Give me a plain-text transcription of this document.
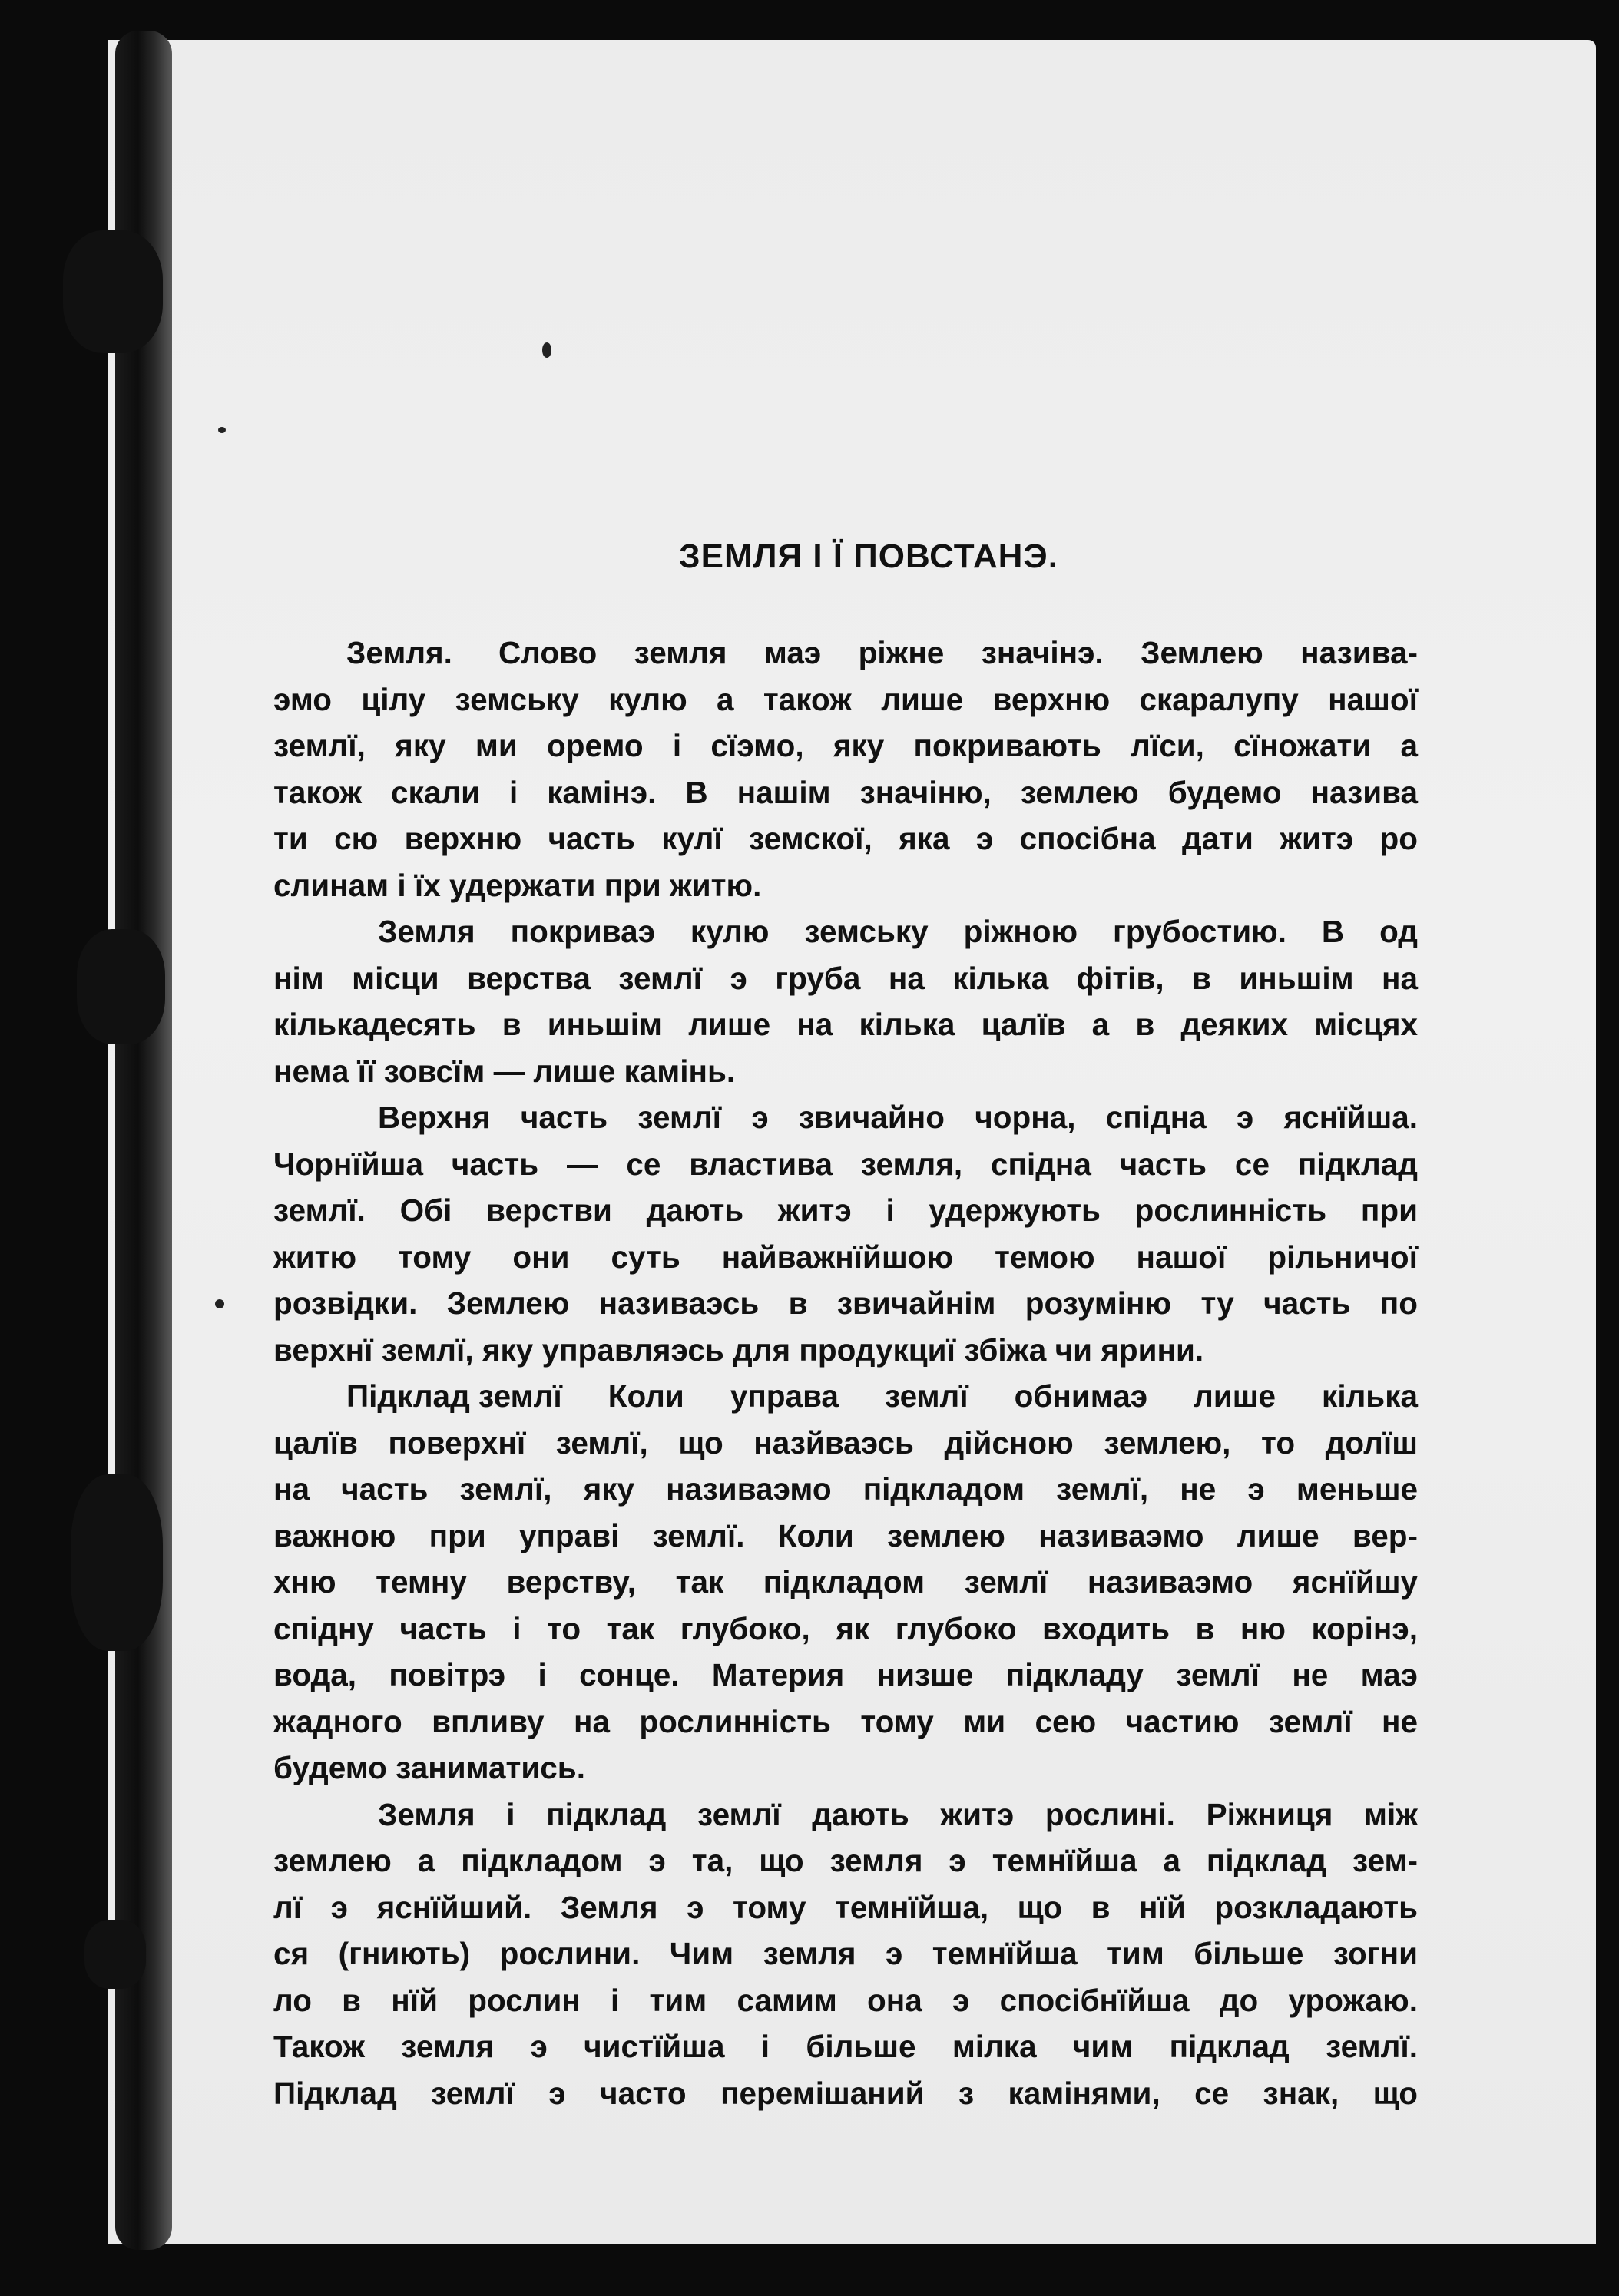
ЗЕМЛЯ І Ї ПОВСТАНЭ.

Земля. Слово земля маэ ріжне значінэ. Землею назива-
эмо цілу земську кулю а також лише верхню скаралупу нашої
землї, яку ми оремо і сїэмо, яку покривають лїси, сїножати а
також скали і камінэ. В нашім значіню, землею будемо назива
ти сю верхню часть кулї земскої, яка э спосібна дати житэ ро
слинам і їх удержати при житю.

Земля покриваэ кулю земську ріжною грубостию. В од
нім місци верства землї э груба на кілька фітів, в иньшім на
кількадесять в иньшім лише на кілька цалїв а в деяких місцях
нема її зовсїм — лише камінь.

Верхня часть землї э звичайно чорна, спідна э яснїйша.
Чорнїйша часть — се властива земля, спідна часть се підклад
землї. Обі верстви дають житэ і удержують рослинність при
житю тому они суть найважнїйшою темою нашої рільничої
розвідки. Землею називаэсь в звичайнім розуміню ту часть по
верхнї землї, яку управляэсь для продукциї збіжа чи ярини.

Підклад землї Коли управа землї обнимаэ лише кілька
цалїв поверхнї землї, що назйваэсь дійсною землею, то долїш
на часть землї, яку називаэмо підкладом землї, не э меньше
важною при управі землї. Коли землею називаэмо лише вер-
хню темну верству, так підкладом землї називаэмо яснїйшу
спідну часть і то так глубоко, як глубоко входить в ню корінэ,
вода, повітрэ і сонце. Материя низше підкладу землї не маэ
жадного впливу на рослинність тому ми сею частию землї не
будемо заниматись.

Земля і підклад землї дають житэ рослині. Ріжниця між
землею а підкладом э та, що земля э темнїйша а підклад зем-
лї э яснїйший. Земля э тому темнїйша, що в нїй розкладають
ся (гниють) рослини. Чим земля э темнїйша тим більше зогни
ло в нїй рослин і тим самим она э спосібнїйша до урожаю.
Також земля э чистїйша і більше мілка чим підклад землї.
Підклад землї э часто перемішаний з камінями, се знак, що
